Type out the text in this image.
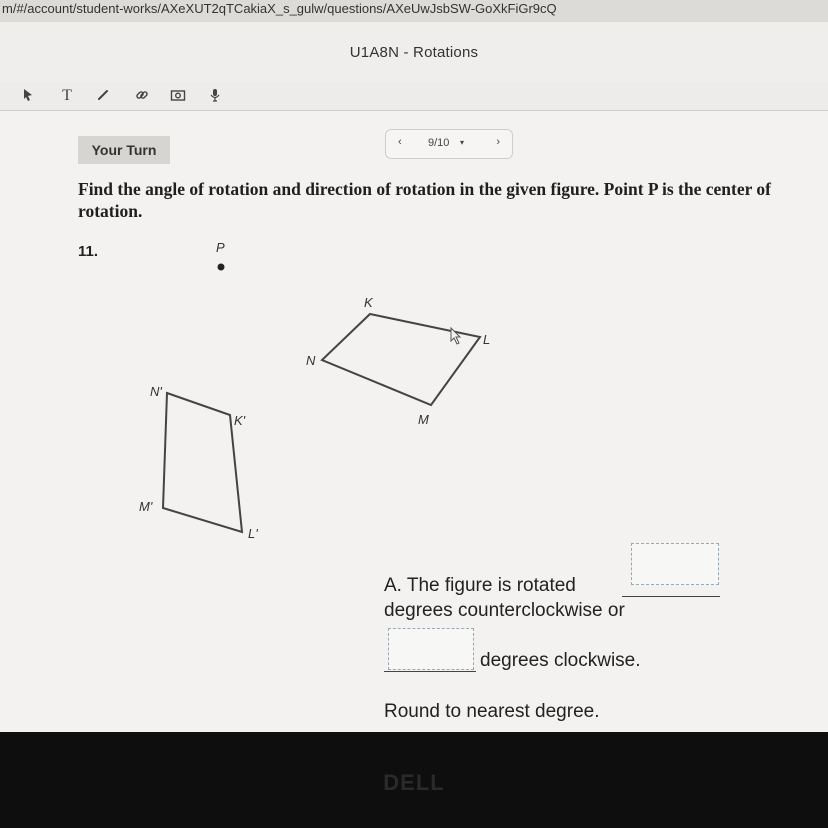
m/#/account/student-works/AXeXUT2qTCakiaX_s_gulw/questions/AXeUwJsbSW-GoXkFiGr9cQ
U1A8N - Rotations
T
Your Turn	‹ 9/10 ▾	›
Find the angle of rotation and direction of rotation in the given figure. Point P is the center of rotation.
11.	P
K
L
N
M
N'
K'
M'
L'
A. The figure is rotated
degrees counterclockwise or
degrees clockwise.
Round to nearest degree.
DELL
